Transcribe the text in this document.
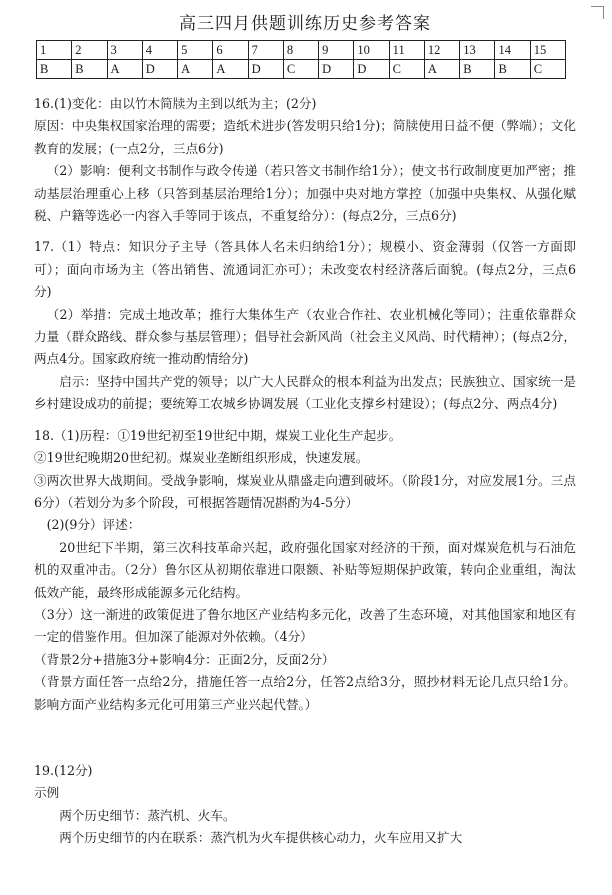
高三四月供题训练历史参考答案
1	2	3	4	5	6	7	8	9	10	11	12	13	14	15
B	B	A	D	A	A	D	C	D	D	C	A	B	B	C

16.(1)变化：由以竹木简牍为主到以纸为主；(2分)

原因：中央集权国家治理的需要；造纸术进步(答发明只给1分)；简牍使用日益不便（弊端）；文化教育的发展；(一点2分，三点6分)

（2）影响：便利文书制作与政令传递（若只答文书制作给1分）；使文书行政制度更加严密；推动基层治理重心上移（只答到基层治理给1分）；加强中央对地方掌控（加强中央集权、从强化赋税、户籍等选必一内容入手等同于该点，不重复给分）：(每点2分，三点6分)

17.（1）特点：知识分子主导（答具体人名未归纳给1分）；规模小、资金薄弱（仅答一方面即可）；面向市场为主（答出销售、流通词汇亦可）；未改变农村经济落后面貌。(每点2分，三点6分)

（2）举措：完成土地改革；推行大集体生产（农业合作社、农业机械化等同）；注重依靠群众力量（群众路线、群众参与基层管理）；倡导社会新风尚（社会主义风尚、时代精神）；(每点2分，两点4分。国家政府统一推动酌情给分)

启示：坚持中国共产党的领导；以广大人民群众的根本利益为出发点；民族独立、国家统一是乡村建设成功的前提；要统筹工农城乡协调发展（工业化支撑乡村建设）；(每点2分、两点4分)

18.（1)历程：①19世纪初至19世纪中期，煤炭工业化生产起步。

②19世纪晚期20世纪初。煤炭业垄断组织形成，快速发展。

③两次世界大战期间。受战争影响，煤炭业从鼎盛走向遭到破坏。（阶段1分，对应发展1分。三点6分）（若划分为多个阶段，可根据答题情况斟酌为4-5分）

(2)(9分）评述：

20世纪下半期，第三次科技革命兴起，政府强化国家对经济的干预，面对煤炭危机与石油危机的双重冲击。（2分）鲁尔区从初期依靠进口限额、补贴等短期保护政策，转向企业重组，淘汰低效产能，最终形成能源多元化结构。

（3分）这一渐进的政策促进了鲁尔地区产业结构多元化，改善了生态环境，对其他国家和地区有一定的借鉴作用。但加深了能源对外依赖。（4分）

（背景2分+措施3分+影响4分：正面2分，反面2分）

（背景方面任答一点给2分，措施任答一点给2分，任答2点给3分，照抄材料无论几点只给1分。影响方面产业结构多元化可用第三产业兴起代替。）

19.(12分)

示例

两个历史细节：蒸汽机、火车。

两个历史细节的内在联系：蒸汽机为火车提供核心动力，火车应用又扩大
